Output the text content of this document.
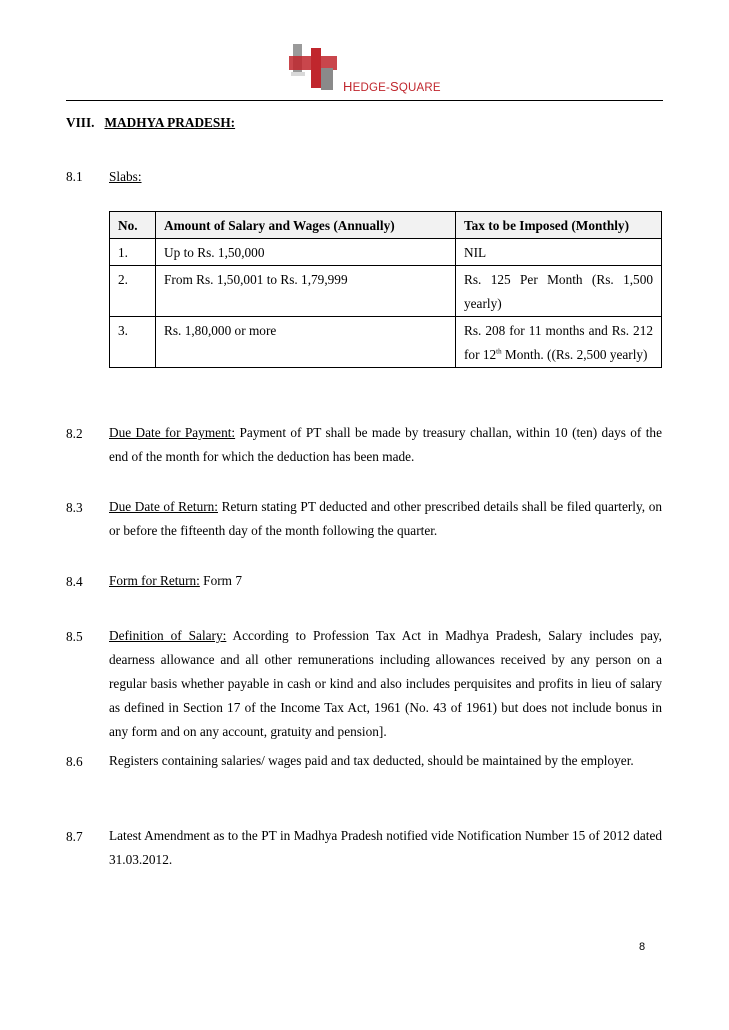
HEDGE-SQUARE
VIII. MADHYA PRADESH:
8.1 Slabs:
No.	Amount of Salary and Wages (Annually)	Tax to be Imposed (Monthly)
1.	Up to Rs. 1,50,000	NIL
2.	From Rs. 1,50,001 to Rs. 1,79,999	Rs. 125 Per Month (Rs. 1,500 yearly)
3.	Rs. 1,80,000 or more	Rs. 208 for 11 months and Rs. 212 for 12th Month. ((Rs. 2,500 yearly)
8.2 Due Date for Payment: Payment of PT shall be made by treasury challan, within 10 (ten) days of the end of the month for which the deduction has been made.
8.3 Due Date of Return: Return stating PT deducted and other prescribed details shall be filed quarterly, on or before the fifteenth day of the month following the quarter.
8.4 Form for Return: Form 7
8.5 Definition of Salary: According to Profession Tax Act in Madhya Pradesh, Salary includes pay, dearness allowance and all other remunerations including allowances received by any person on a regular basis whether payable in cash or kind and also includes perquisites and profits in lieu of salary as defined in Section 17 of the Income Tax Act, 1961 (No. 43 of 1961) but does not include bonus in any form and on any account, gratuity and pension].
8.6 Registers containing salaries/ wages paid and tax deducted, should be maintained by the employer.
8.7 Latest Amendment as to the PT in Madhya Pradesh notified vide Notification Number 15 of 2012 dated 31.03.2012.
8
